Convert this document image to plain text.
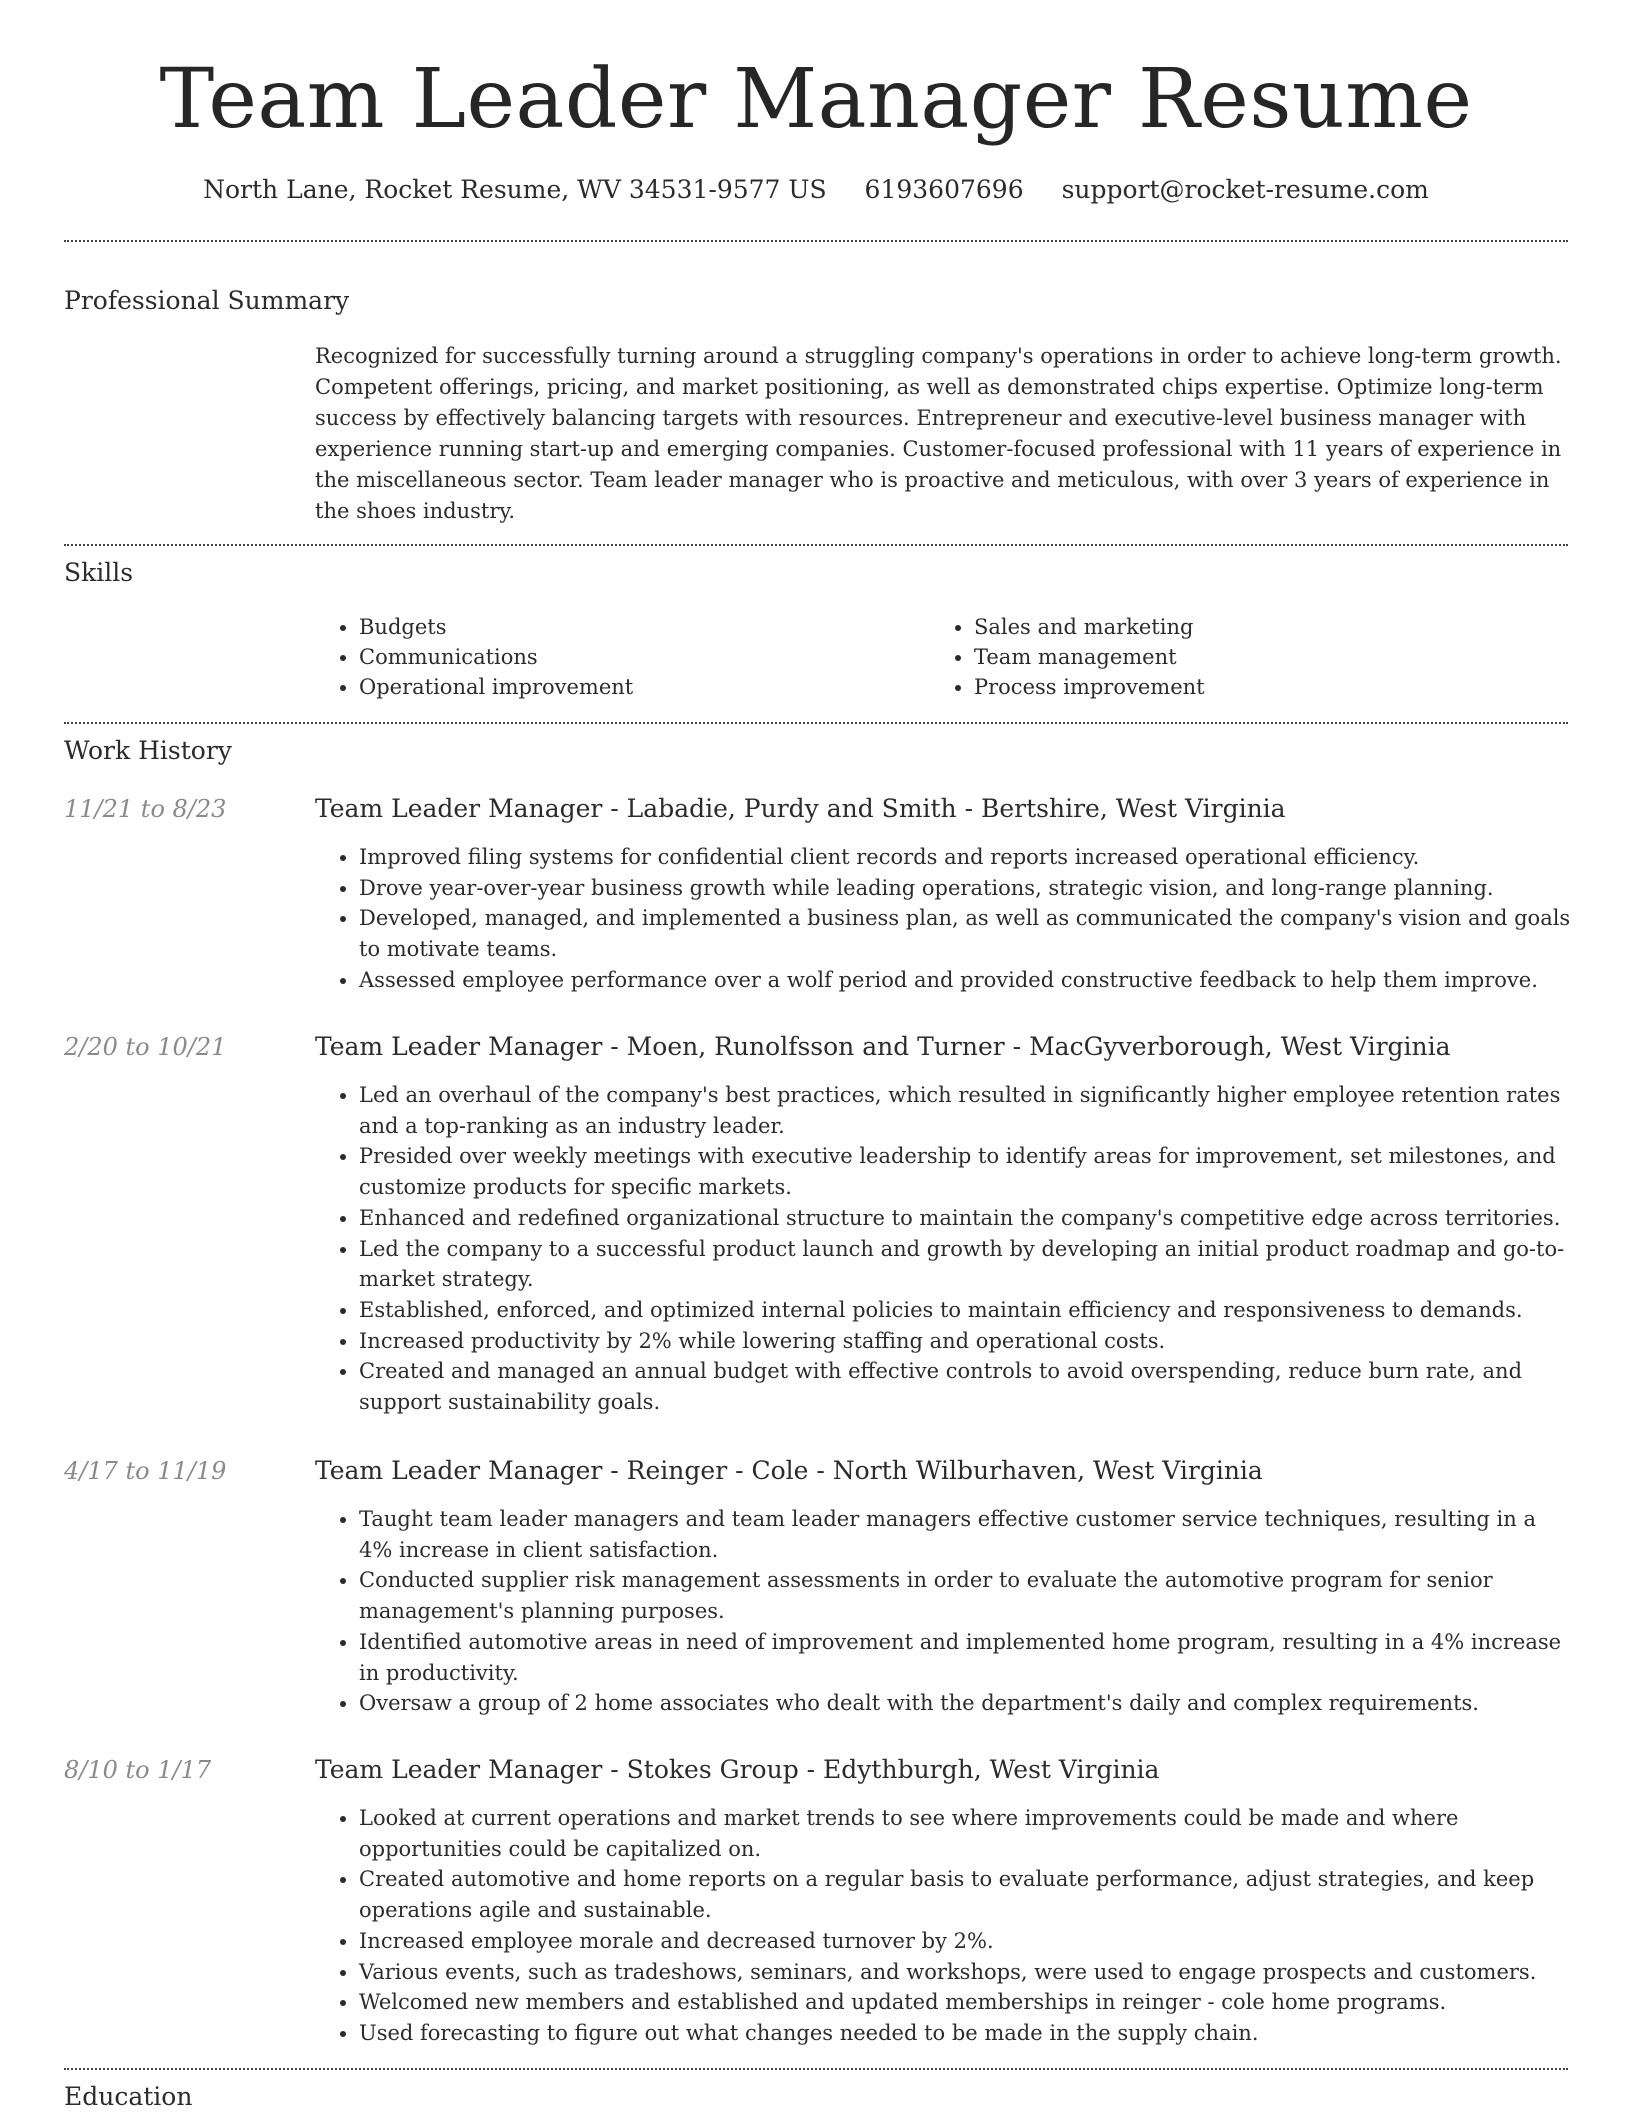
Team Leader Manager Resume
North Lane, Rocket Resume, WV 34531-9577 US 6193607696 support@rocket-resume.com
Professional Summary

Recognized for successfully turning around a struggling company's operations in order to achieve long-term growth. Competent offerings, pricing, and market positioning, as well as demonstrated chips expertise. Optimize long-term success by effectively balancing targets with resources. Entrepreneur and executive-level business manager with experience running start-up and emerging companies. Customer-focused professional with 11 years of experience in the miscellaneous sector. Team leader manager who is proactive and meticulous, with over 3 years of experience in the shoes industry.

Skills
• Budgets
• Communications
• Operational improvement
• Sales and marketing
• Team management
• Process improvement
Work History
11/21 to 8/23	Team Leader Manager - Labadie, Purdy and Smith - Bertshire, West Virginia
• Improved filing systems for confidential client records and reports increased operational efficiency.
• Drove year-over-year business growth while leading operations, strategic vision, and long-range planning.
• Developed, managed, and implemented a business plan, as well as communicated the company's vision and goals to motivate teams.
• Assessed employee performance over a wolf period and provided constructive feedback to help them improve.
2/20 to 10/21	Team Leader Manager - Moen, Runolfsson and Turner - MacGyverborough, West Virginia
• Led an overhaul of the company's best practices, which resulted in significantly higher employee retention rates and a top-ranking as an industry leader.
• Presided over weekly meetings with executive leadership to identify areas for improvement, set milestones, and customize products for specific markets.
• Enhanced and redefined organizational structure to maintain the company's competitive edge across territories.
• Led the company to a successful product launch and growth by developing an initial product roadmap and go-to-market strategy.
• Established, enforced, and optimized internal policies to maintain efficiency and responsiveness to demands.
• Increased productivity by 2% while lowering staffing and operational costs.
• Created and managed an annual budget with effective controls to avoid overspending, reduce burn rate, and support sustainability goals.
4/17 to 11/19	Team Leader Manager - Reinger - Cole - North Wilburhaven, West Virginia
• Taught team leader managers and team leader managers effective customer service techniques, resulting in a 4% increase in client satisfaction.
• Conducted supplier risk management assessments in order to evaluate the automotive program for senior management's planning purposes.
• Identified automotive areas in need of improvement and implemented home program, resulting in a 4% increase in productivity.
• Oversaw a group of 2 home associates who dealt with the department's daily and complex requirements.
8/10 to 1/17	Team Leader Manager - Stokes Group - Edythburgh, West Virginia
• Looked at current operations and market trends to see where improvements could be made and where opportunities could be capitalized on.
• Created automotive and home reports on a regular basis to evaluate performance, adjust strategies, and keep operations agile and sustainable.
• Increased employee morale and decreased turnover by 2%.
• Various events, such as tradeshows, seminars, and workshops, were used to engage prospects and customers.
• Welcomed new members and established and updated memberships in reinger - cole home programs.
• Used forecasting to figure out what changes needed to be made in the supply chain.
Education
